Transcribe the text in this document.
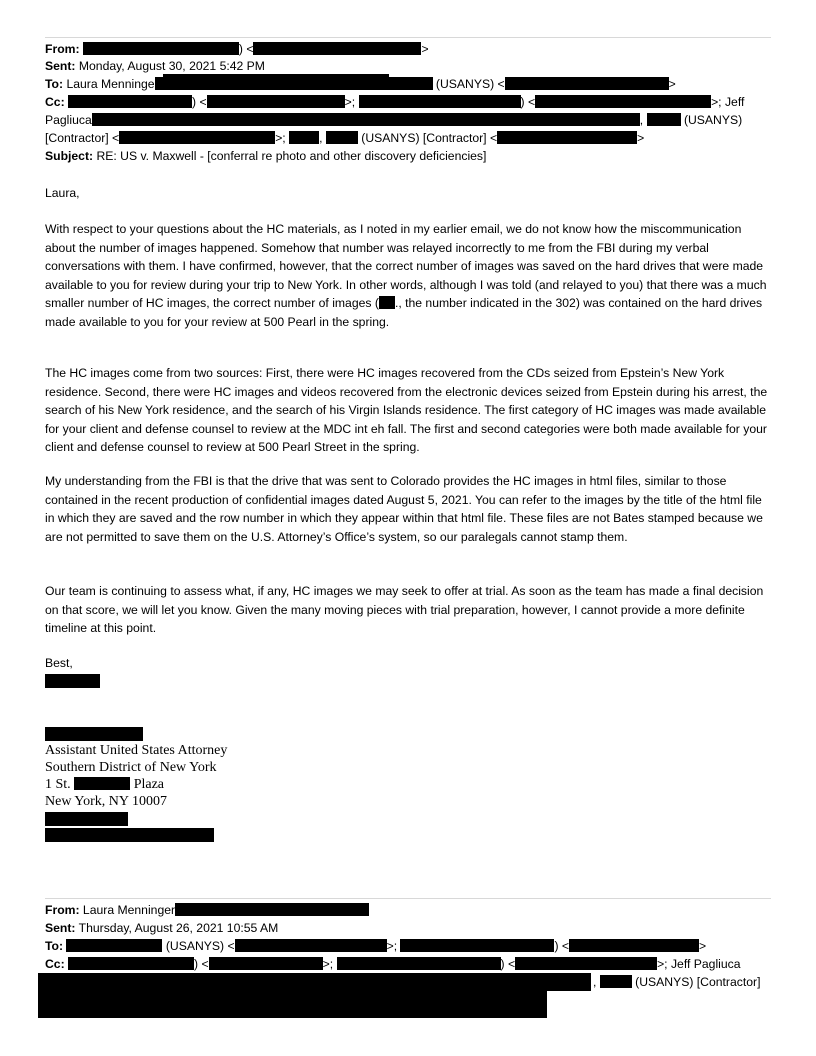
From:	) <	>
Sent: Monday, August 30, 2021 5:42 PM
To: Laura Menninge	(USANYS) <	>
Cc:	) <	>;	) <	>; Jeff
Pagliuca	,	(USANYS)
[Contractor] <	>;	,	(USANYS) [Contractor] <	>
Subject: RE: US v. Maxwell - [conferral re photo and other discovery deficiencies]

Laura,

With respect to your questions about the HC materials, as I noted in my earlier email, we do not know how the miscommunication about the number of images happened. Somehow that number was relayed incorrectly to me from the FBI during my verbal conversations with them. I have confirmed, however, that the correct number of images was saved on the hard drives that were made available to you for review during your trip to New York. In other words, although I was told (and relayed to you) that there was a much smaller number of HC images, the correct number of images ( ., the number indicated in the 302) was contained on the hard drives made available to you for your review at 500 Pearl in the spring.

The HC images come from two sources: First, there were HC images recovered from the CDs seized from Epstein’s New York residence. Second, there were HC images and videos recovered from the electronic devices seized from Epstein during his arrest, the search of his New York residence, and the search of his Virgin Islands residence. The first category of HC images was made available for your client and defense counsel to review at the MDC int eh fall. The first and second categories were both made available for your client and defense counsel to review at 500 Pearl Street in the spring.

My understanding from the FBI is that the drive that was sent to Colorado provides the HC images in html files, similar to those contained in the recent production of confidential images dated August 5, 2021. You can refer to the images by the title of the html file in which they are saved and the row number in which they appear within that html file. These files are not Bates stamped because we are not permitted to save them on the U.S. Attorney’s Office’s system, so our paralegals cannot stamp them.

Our team is continuing to assess what, if any, HC images we may seek to offer at trial. As soon as the team has made a final decision on that score, we will let you know. Given the many moving pieces with trial preparation, however, I cannot provide a more definite timeline at this point.

Best,

Assistant United States Attorney
Southern District of New York
1 St.	Plaza
New York, NY 10007
From: Laura Menninger
Sent: Thursday, August 26, 2021 10:55 AM
To:	(USANYS) <	>;	) <	>
Cc:	) <	>;	) <	>; Jeff Pagliuca
,	(USANYS) [Contractor]
